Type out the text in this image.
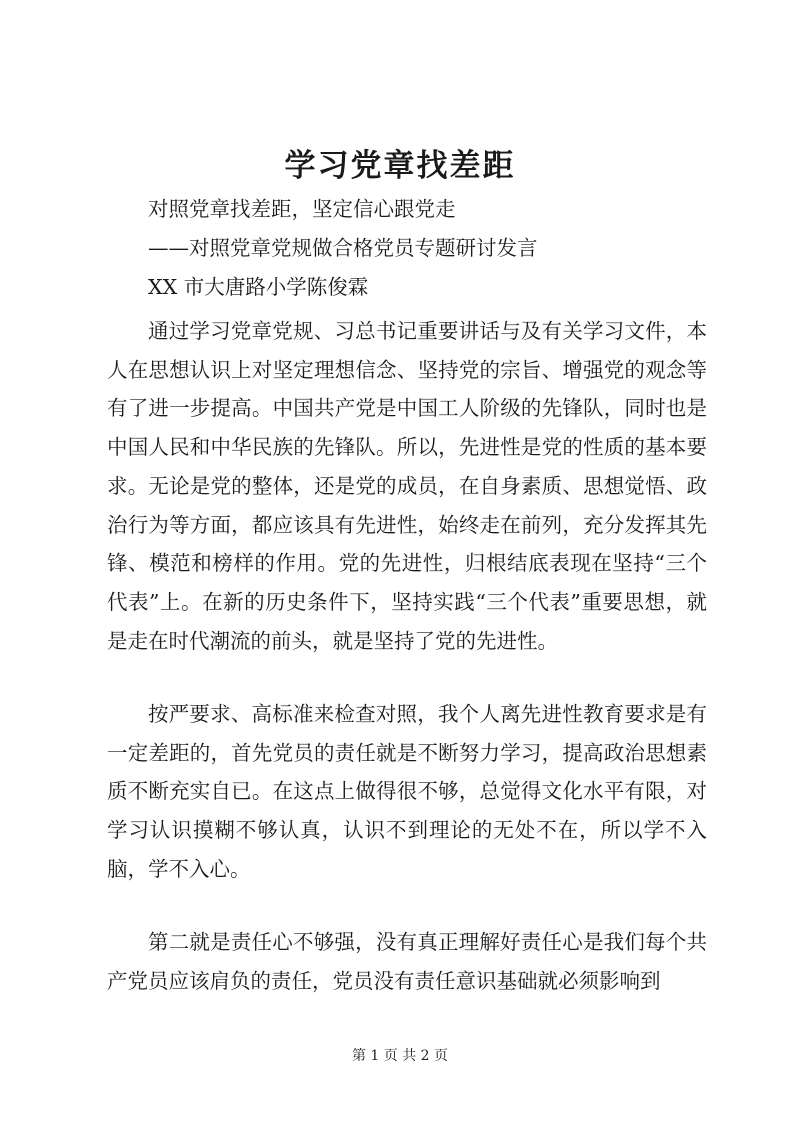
学习党章找差距

对照党章找差距，坚定信心跟党走

——对照党章党规做合格党员专题研讨发言

XX 市大唐路小学陈俊霖

通过学习党章党规、习总书记重要讲话与及有关学习文件，本人在思想认识上对坚定理想信念、坚持党的宗旨、增强党的观念等有了进一步提高。中国共产党是中国工人阶级的先锋队，同时也是中国人民和中华民族的先锋队。所以，先进性是党的性质的基本要求。无论是党的整体，还是党的成员，在自身素质、思想觉悟、政治行为等方面，都应该具有先进性，始终走在前列，充分发挥其先锋、模范和榜样的作用。党的先进性，归根结底表现在坚持“三个代表”上。在新的历史条件下，坚持实践“三个代表”重要思想，就是走在时代潮流的前头，就是坚持了党的先进性。

按严要求、高标准来检查对照，我个人离先进性教育要求是有一定差距的，首先党员的责任就是不断努力学习，提高政治思想素质不断充实自已。在这点上做得很不够，总觉得文化水平有限，对学习认识摸糊不够认真，认识不到理论的无处不在，所以学不入脑，学不入心。

第二就是责任心不够强，没有真正理解好责任心是我们每个共产党员应该肩负的责任，党员没有责任意识基础就必须影响到

第 1 页 共 2 页
